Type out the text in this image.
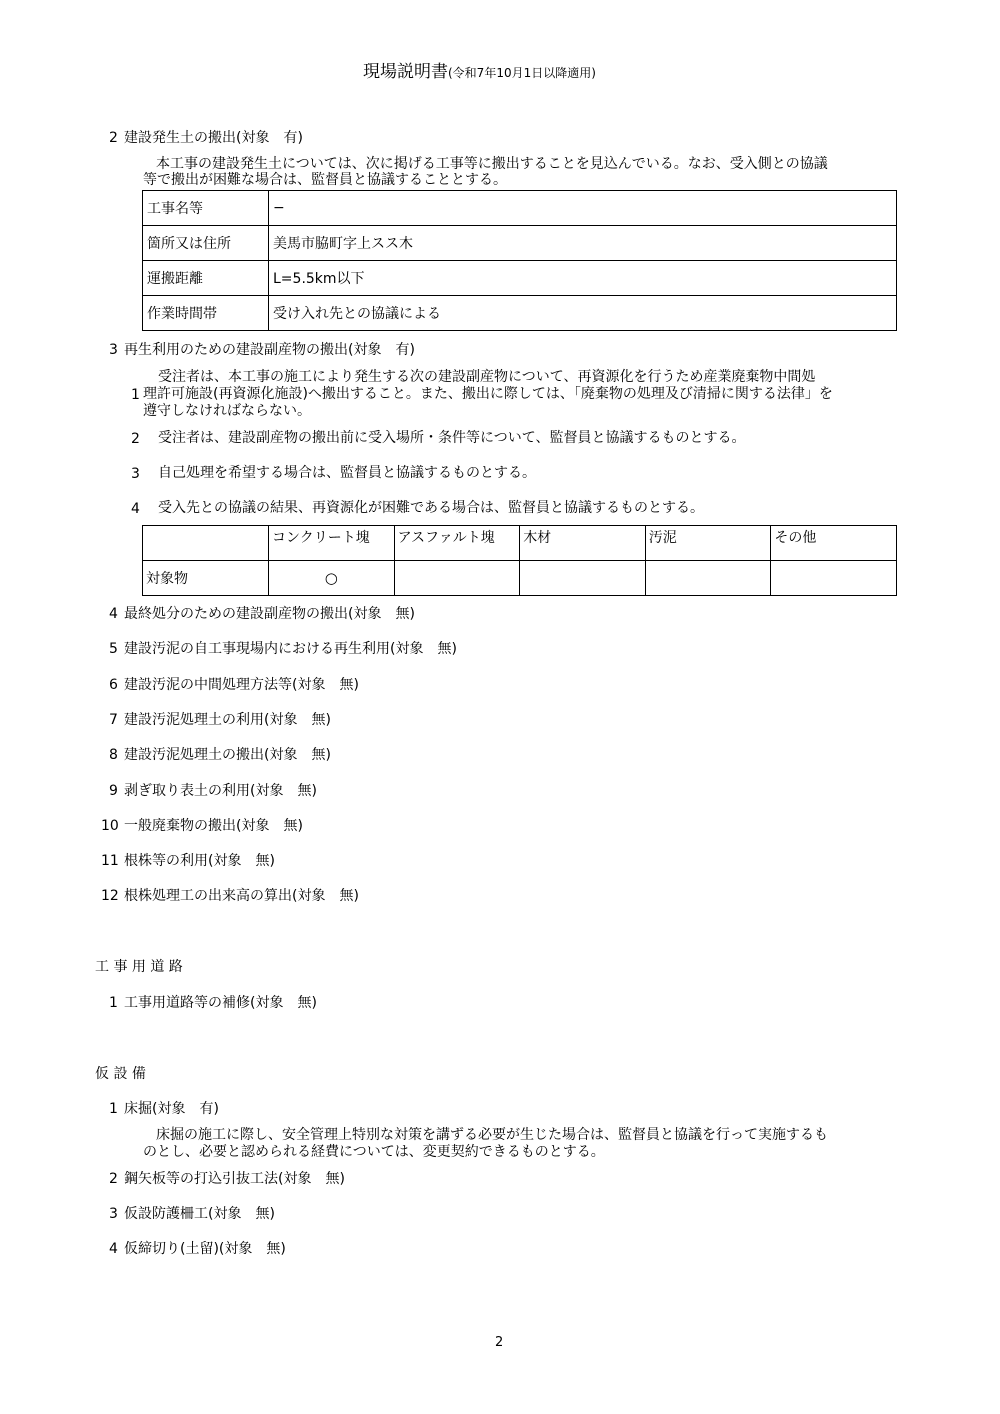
現場説明書(令和7年10月1日以降適用)
2 建設発生土の搬出(対象　有)
本工事の建設発生土については、次に掲げる工事等に搬出することを見込んでいる。なお、受入側との協議
等で搬出が困難な場合は、監督員と協議することとする。
工事名等	−
箇所又は住所	美馬市脇町字上スス木
運搬距離	L=5.5km以下
作業時間帯	受け入れ先との協議による
3 再生利用のための建設副産物の搬出(対象　有)
受注者は、本工事の施工により発生する次の建設副産物について、再資源化を行うため産業廃棄物中間処
1 理許可施設(再資源化施設)へ搬出すること。また、搬出に際しては、「廃棄物の処理及び清掃に関する法律」を
遵守しなければならない。
2 受注者は、建設副産物の搬出前に受入場所・条件等について、監督員と協議するものとする。
3 自己処理を希望する場合は、監督員と協議するものとする。
4 受入先との協議の結果、再資源化が困難である場合は、監督員と協議するものとする。
	コンクリート塊	アスファルト塊	木材	汚泥	その他
対象物	○				
4 最終処分のための建設副産物の搬出(対象　無)
5 建設汚泥の自工事現場内における再生利用(対象　無)
6 建設汚泥の中間処理方法等(対象　無)
7 建設汚泥処理土の利用(対象　無)
8 建設汚泥処理土の搬出(対象　無)
9 剥ぎ取り表土の利用(対象　無)
10 一般廃棄物の搬出(対象　無)
11 根株等の利用(対象　無)
12 根株処理工の出来高の算出(対象　無)
工 事 用 道 路
1 工事用道路等の補修(対象　無)
仮 設 備
1 床掘(対象　有)
床掘の施工に際し、安全管理上特別な対策を講ずる必要が生じた場合は、監督員と協議を行って実施するも
のとし、必要と認められる経費については、変更契約できるものとする。
2 鋼矢板等の打込引抜工法(対象　無)
3 仮設防護柵工(対象　無)
4 仮締切り(土留)(対象　無)
2
